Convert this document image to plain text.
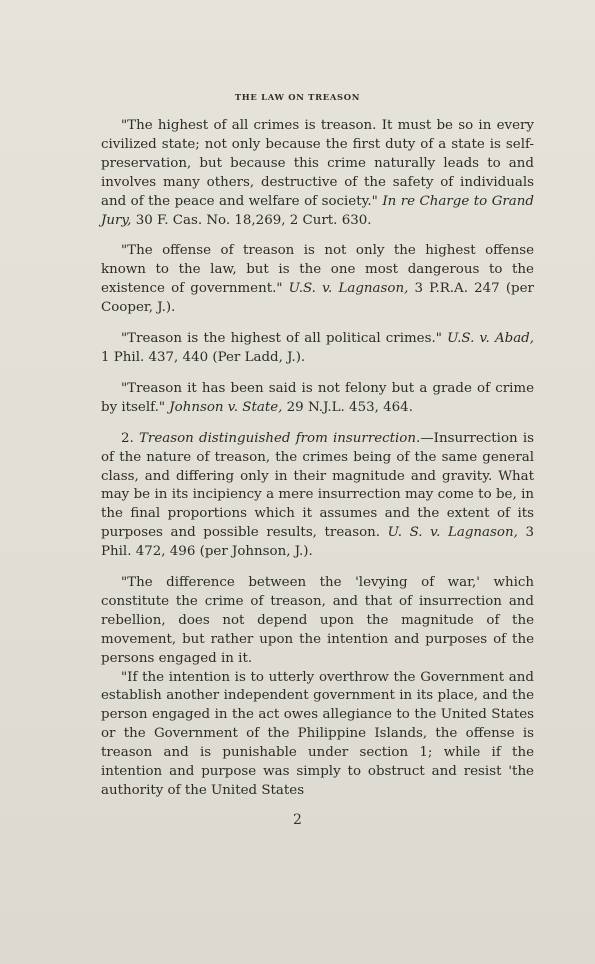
THE LAW ON TREASON

"The highest of all crimes is treason. It must be so in every civilized state; not only because the first duty of a state is self-preservation, but because this crime naturally leads to and involves many others, destructive of the safety of individuals and of the peace and welfare of society." In re Charge to Grand Jury, 30 F. Cas. No. 18,269, 2 Curt. 630.

"The offense of treason is not only the highest offense known to the law, but is the one most dangerous to the existence of government." U.S. v. Lagnason, 3 P.R.A. 247 (per Cooper, J.).

"Treason is the highest of all political crimes." U.S. v. Abad, 1 Phil. 437, 440 (Per Ladd, J.).

"Treason it has been said is not felony but a grade of crime by itself." Johnson v. State, 29 N.J.L. 453, 464.

2. Treason distinguished from insurrection.—Insurrection is of the nature of treason, the crimes being of the same general class, and differing only in their magnitude and gravity. What may be in its incipiency a mere insurrection may come to be, in the final proportions which it assumes and the extent of its purposes and possible results, treason. U. S. v. Lagnason, 3 Phil. 472, 496 (per Johnson, J.).

"The difference between the 'levying of war,' which constitute the crime of treason, and that of insurrection and rebellion, does not depend upon the magnitude of the movement, but rather upon the intention and purposes of the persons engaged in it.

"If the intention is to utterly overthrow the Government and establish another independent government in its place, and the person engaged in the act owes allegiance to the United States or the Government of the Philippine Islands, the offense is treason and is punishable under section 1; while if the intention and purpose was simply to obstruct and resist 'the authority of the United States

2
